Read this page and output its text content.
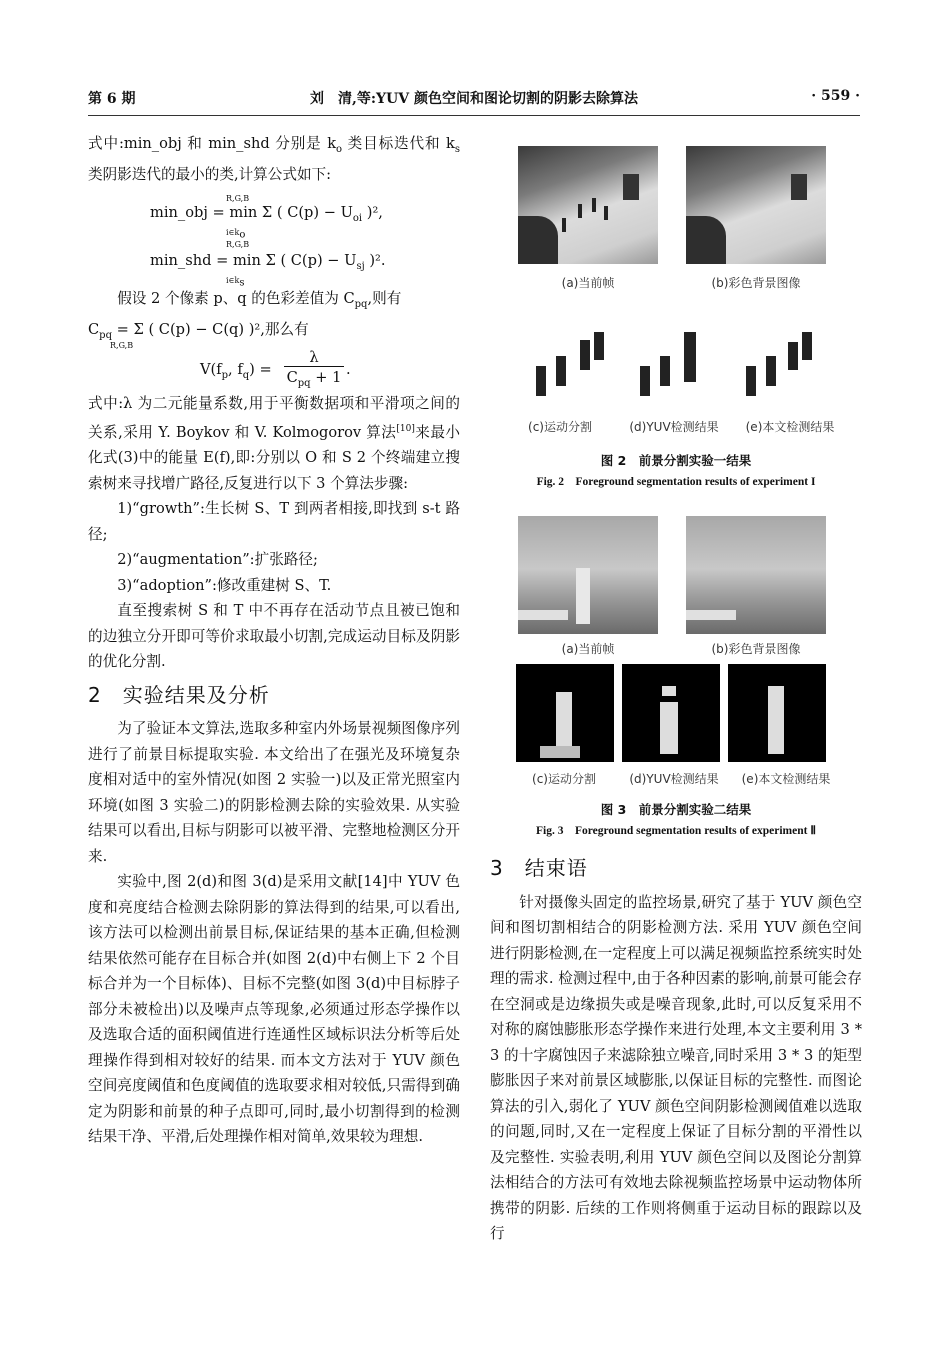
第 6 期	刘　清,等:YUV 颜色空间和图论切割的阴影去除算法	· 559 ·

式中:min_obj 和 min_shd 分别是 $k_o$ 类目标迭代和 $k_s$ 类阴影迭代的最小的类,计算公式如下:

R,G,B
min_obj = min Σ ( $C(p) - U_{oi}$ )²,
$i\in k_o$
R,G,B
min_shd = min Σ ( $C(p) - U_{sj}$ )².
$i\in k_s$

假设 2 个像素 p、q 的色彩差值为 $C_{pq}$,则有

$C_{pq} = \Sigma$ ( C(p) − C(q) )²,那么有
R,G,B

$V(f_p$, $f_q$) =
λ
$C_{pq} + 1$ .

式中:λ 为二元能量系数,用于平衡数据项和平滑项之间的关系,采用 Y. Boykov 和 V. Kolmogorov 算法[10]来最小化式(3)中的能量 E(f),即:分别以 O 和 S 2 个终端建立搜索树来寻找增广路径,反复进行以下 3 个算法步骤:

1)“growth”:生长树 S、T 到两者相接,即找到 s-t 路径;

2)“augmentation”:扩张路径;

3)“adoption”:修改重建树 S、T.

直至搜索树 S 和 T 中不再存在活动节点且被已饱和的边独立分开即可等价求取最小切割,完成运动目标及阴影的优化分割.

2　实验结果及分析

为了验证本文算法,选取多种室内外场景视频图像序列进行了前景目标提取实验. 本文给出了在强光及环境复杂度相对适中的室外情况(如图 2 实验一)以及正常光照室内环境(如图 3 实验二)的阴影检测去除的实验效果. 从实验结果可以看出,目标与阴影可以被平滑、完整地检测区分开来.

实验中,图 2(d)和图 3(d)是采用文献[14]中 YUV 色度和亮度结合检测去除阴影的算法得到的结果,可以看出,该方法可以检测出前景目标,保证结果的基本正确,但检测结果依然可能存在目标合并(如图 2(d)中右侧上下 2 个目标合并为一个目标体)、目标不完整(如图 3(d)中目标脖子部分未被检出)以及噪声点等现象,必须通过形态学操作以及选取合适的面积阈值进行连通性区域标识法分析等后处理操作得到相对较好的结果. 而本文方法对于 YUV 颜色空间亮度阈值和色度阈值的选取要求相对较低,只需得到确定为阴影和前景的种子点即可,同时,最小切割得到的检测结果干净、平滑,后处理操作相对简单,效果较为理想.

(a)当前帧	(b)彩色背景图像
(c)运动分割	(d)YUV检测结果	(e)本文检测结果
图 2　前景分割实验一结果
Fig. 2　Foreground segmentation results of experiment I
(a)当前帧	(b)彩色背景图像
(c)运动分割	(d)YUV检测结果	(e)本文检测结果
图 3　前景分割实验二结果
Fig. 3　Foreground segmentation results of experiment Ⅱ
3　结束语

针对摄像头固定的监控场景,研究了基于 YUV 颜色空间和图切割相结合的阴影检测方法. 采用 YUV 颜色空间进行阴影检测,在一定程度上可以满足视频监控系统实时处理的需求. 检测过程中,由于各种因素的影响,前景可能会存在空洞或是边缘损失或是噪音现象,此时,可以反复采用不对称的腐蚀膨胀形态学操作来进行处理,本文主要利用 3 * 3 的十字腐蚀因子来滤除独立噪音,同时采用 3 * 3 的矩型膨胀因子来对前景区域膨胀,以保证目标的完整性. 而图论算法的引入,弱化了 YUV 颜色空间阴影检测阈值难以选取的问题,同时,又在一定程度上保证了目标分割的平滑性以及完整性. 实验表明,利用 YUV 颜色空间以及图论分割算法相结合的方法可有效地去除视频监控场景中运动物体所携带的阴影. 后续的工作则将侧重于运动目标的跟踪以及行
